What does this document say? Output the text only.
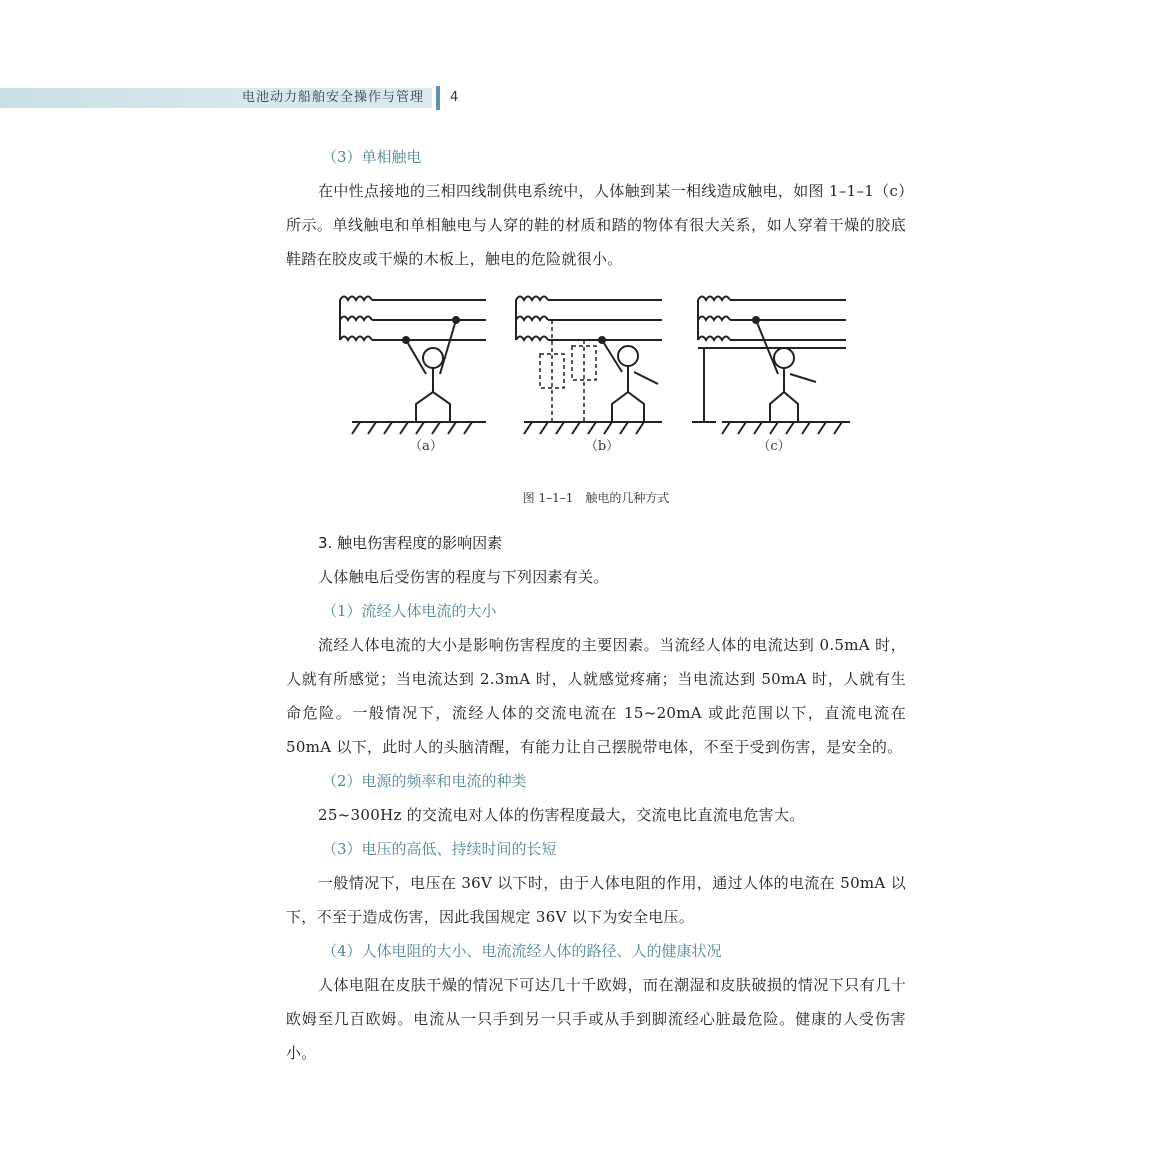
电池动力船舶安全操作与管理	4
（3）单相触电
在中性点接地的三相四线制供电系统中，人体触到某一相线造成触电，如图 1–1–1（c）所示。单线触电和单相触电与人穿的鞋的材质和踏的物体有很大关系，如人穿着干燥的胶底鞋踏在胶皮或干燥的木板上，触电的危险就很小。
（a）	（b）	（c）
图 1–1–1　触电的几种方式
3. 触电伤害程度的影响因素
人体触电后受伤害的程度与下列因素有关。
（1）流经人体电流的大小
流经人体电流的大小是影响伤害程度的主要因素。当流经人体的电流达到 0.5mA 时，人就有所感觉；当电流达到 2.3mA 时，人就感觉疼痛；当电流达到 50mA 时，人就有生命危险。一般情况下，流经人体的交流电流在 15~20mA 或此范围以下，直流电流在 50mA 以下，此时人的头脑清醒，有能力让自己摆脱带电体，不至于受到伤害，是安全的。
（2）电源的频率和电流的种类
25~300Hz 的交流电对人体的伤害程度最大，交流电比直流电危害大。
（3）电压的高低、持续时间的长短
一般情况下，电压在 36V 以下时，由于人体电阻的作用，通过人体的电流在 50mA 以下，不至于造成伤害，因此我国规定 36V 以下为安全电压。
（4）人体电阻的大小、电流流经人体的路径、人的健康状况
人体电阻在皮肤干燥的情况下可达几十千欧姆，而在潮湿和皮肤破损的情况下只有几十欧姆至几百欧姆。电流从一只手到另一只手或从手到脚流经心脏最危险。健康的人受伤害小。
